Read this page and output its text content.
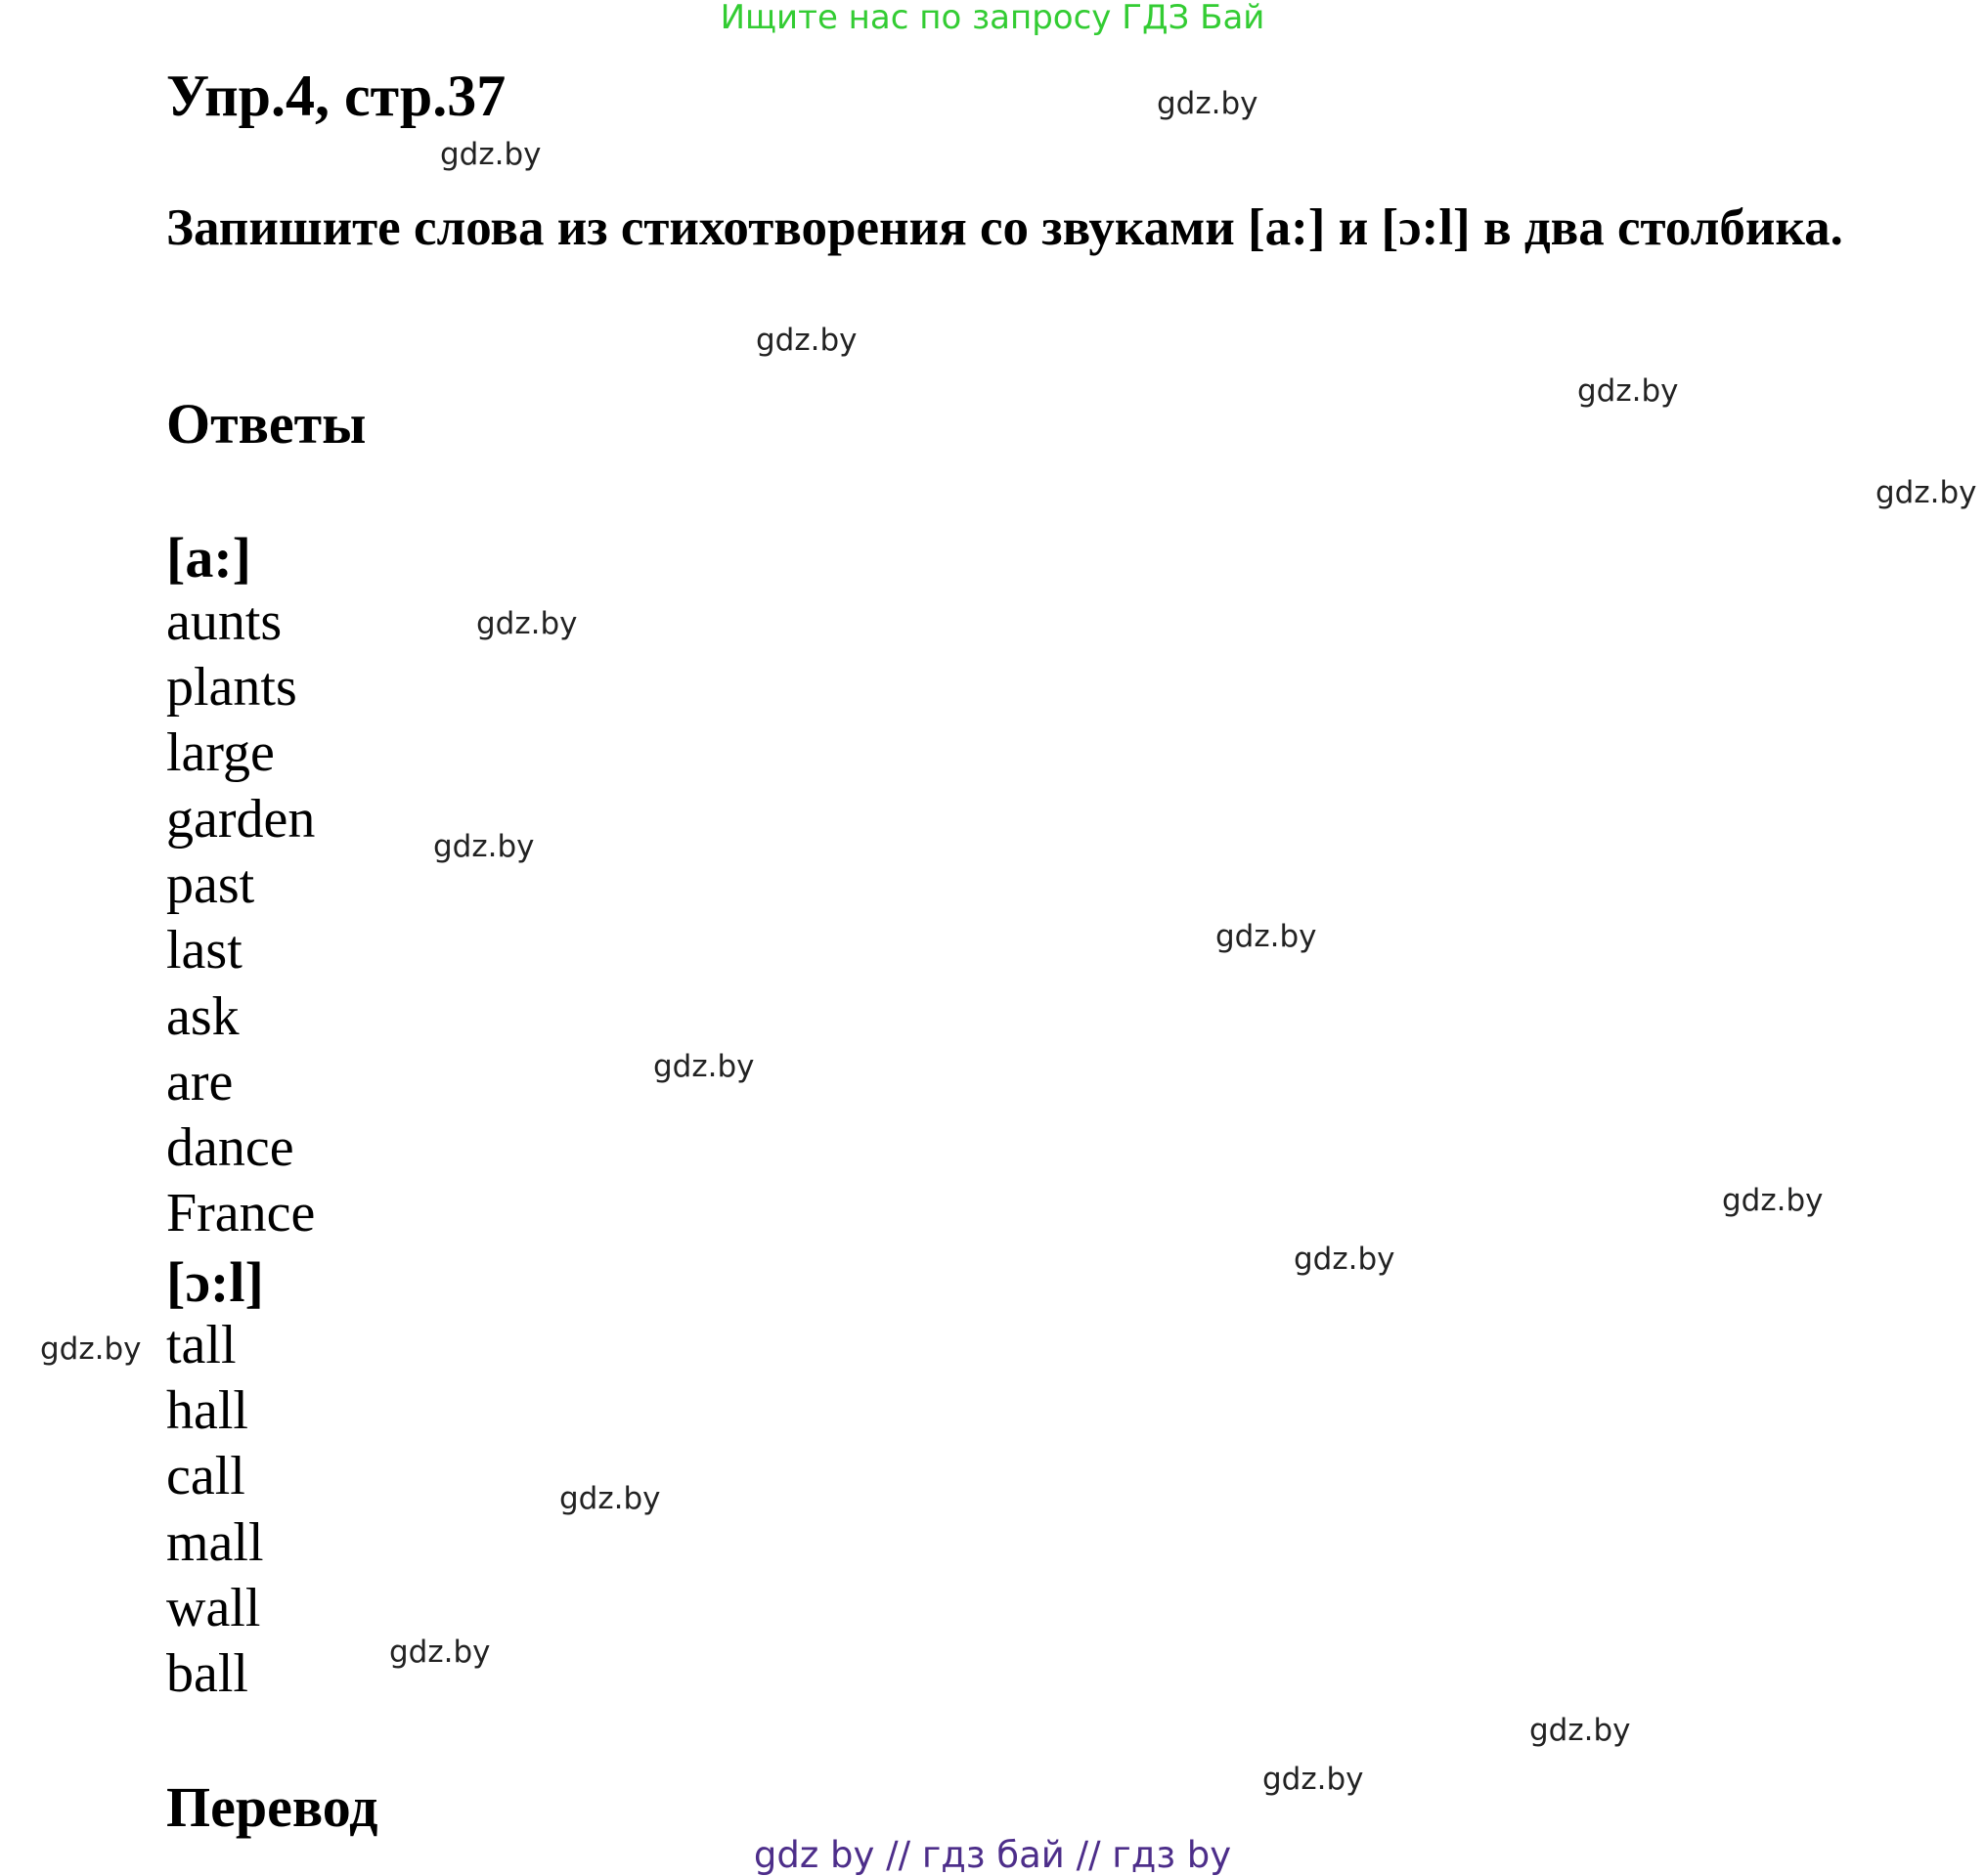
Ищите нас по запросу ГДЗ Бай
Упр.4, стр.37
Запишите слова из стихотворения со звуками [a:] и [ɔ:l] в два столбика.
Ответы
[a:]
aunts
plants
large
garden
past
last
ask
are
dance
France
[ɔ:l]
tall
hall
call
mall
wall
ball
Перевод
gdz.by
gdz.by
gdz.by
gdz.by
gdz.by
gdz.by
gdz.by
gdz.by
gdz.by
gdz.by
gdz.by
gdz.by
gdz.by
gdz.by
gdz.by
gdz.by
gdz by // гдз бай // гдз by
